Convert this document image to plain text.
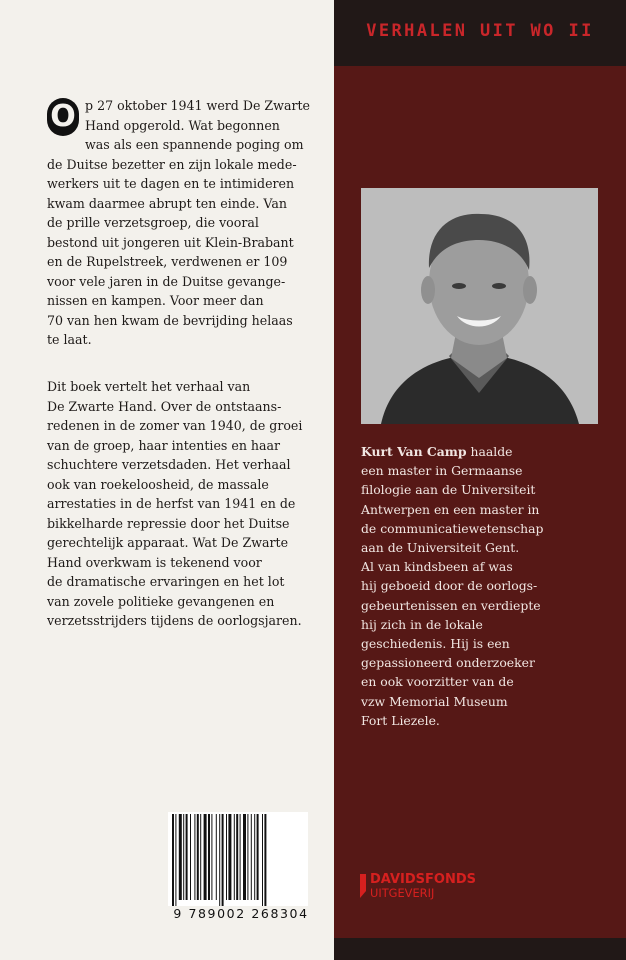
O p 27 oktober 1941 werd De Zwarte

Hand opgerold. Wat begonnen

was als een spannende poging om

de Duitse bezetter en zijn lokale mede-

werkers uit te dagen en te intimideren

kwam daarmee abrupt ten einde. Van

de prille verzetsgroep, die vooral

bestond uit jongeren uit Klein-Brabant

en de Rupelstreek, verdwenen er 109

voor vele jaren in de Duitse gevange-

nissen en kampen. Voor meer dan

70 van hen kwam de bevrijding helaas

te laat.

Dit boek vertelt het verhaal van

De Zwarte Hand. Over de ontstaans-

redenen in de zomer van 1940, de groei

van de groep, haar intenties en haar

schuchtere verzetsdaden. Het verhaal

ook van roekeloosheid, de massale

arrestaties in de herfst van 1941 en de

bikkelharde repressie door het Duitse

gerechtelijk apparaat. Wat De Zwarte

Hand overkwam is tekenend voor

de dramatische ervaringen en het lot

van zovele politieke gevangenen en

verzetsstrijders tijdens de oorlogsjaren.

9 789002 268304
VERHALEN UIT WO II
Kurt Van Camp haalde
een master in Germaanse
filologie aan de Universiteit
Antwerpen en een master in
de communicatiewetenschap
aan de Universiteit Gent.
Al van kindsbeen af was
hij geboeid door de oorlogs-
gebeurtenissen en verdiepte
hij zich in de lokale
geschiedenis. Hij is een
gepassioneerd onderzoeker
en ook voorzitter van de
vzw Memorial Museum
Fort Liezele.
DAVIDSFONDS
UITGEVERIJ
